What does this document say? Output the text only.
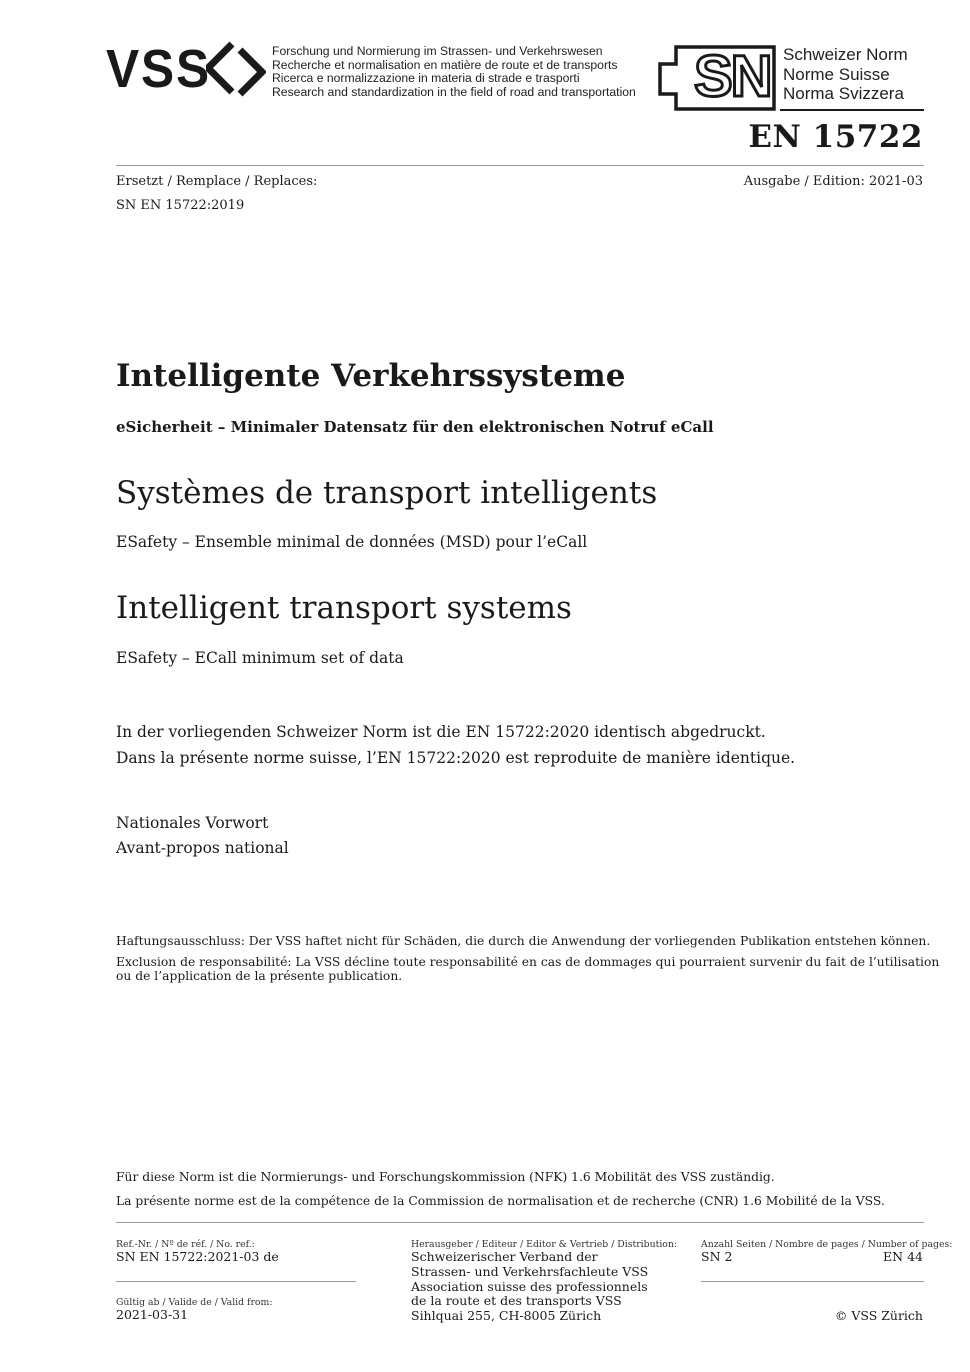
VSS	Forschung und Normierung im Strassen- und Verkehrswesen
Recherche et normalisation en matière de route et de transports
Ricerca e normalizzazione in materia di strade e trasporti
Research and standardization in the field of road and transportation SN Schweizer Norm
Norme Suisse
Norma Svizzera
EN 15722
Ersetzt / Remplace / Replaces:	Ausgabe / Edition: 2021-03
SN EN 15722:2019
Intelligente Verkehrssysteme
eSicherheit – Minimaler Datensatz für den elektronischen Notruf eCall
Systèmes de transport intelligents
ESafety – Ensemble minimal de données (MSD) pour l’eCall
Intelligent transport systems
ESafety – ECall minimum set of data
In der vorliegenden Schweizer Norm ist die EN 15722:2020 identisch abgedruckt.
Dans la présente norme suisse, l’EN 15722:2020 est reproduite de manière identique.
Nationales Vorwort
Avant-propos national
Haftungsausschluss: Der VSS haftet nicht für Schäden, die durch die Anwendung der vorliegenden Publikation entstehen können.
Exclusion de responsabilité: La VSS décline toute responsabilité en cas de dommages qui pourraient survenir du fait de l’utilisation
ou de l’application de la présente publication.
Für diese Norm ist die Normierungs- und Forschungskommission (NFK) 1.6 Mobilität des VSS zuständig.
La présente norme est de la compétence de la Commission de normalisation et de recherche (CNR) 1.6 Mobilité de la VSS.
Ref.-Nr. / Nº de réf. / No. ref.:
SN EN 15722:2021-03 de
Gültig ab / Valide de / Valid from:
2021-03-31
Herausgeber / Editeur / Editor & Vertrieb / Distribution:
Schweizerischer Verband der
Strassen- und Verkehrsfachleute VSS
Association suisse des professionnels
de la route et des transports VSS
Sihlquai 255, CH-8005 Zürich
Anzahl Seiten / Nombre de pages / Number of pages:
SN 2	EN 44
© VSS Zürich
